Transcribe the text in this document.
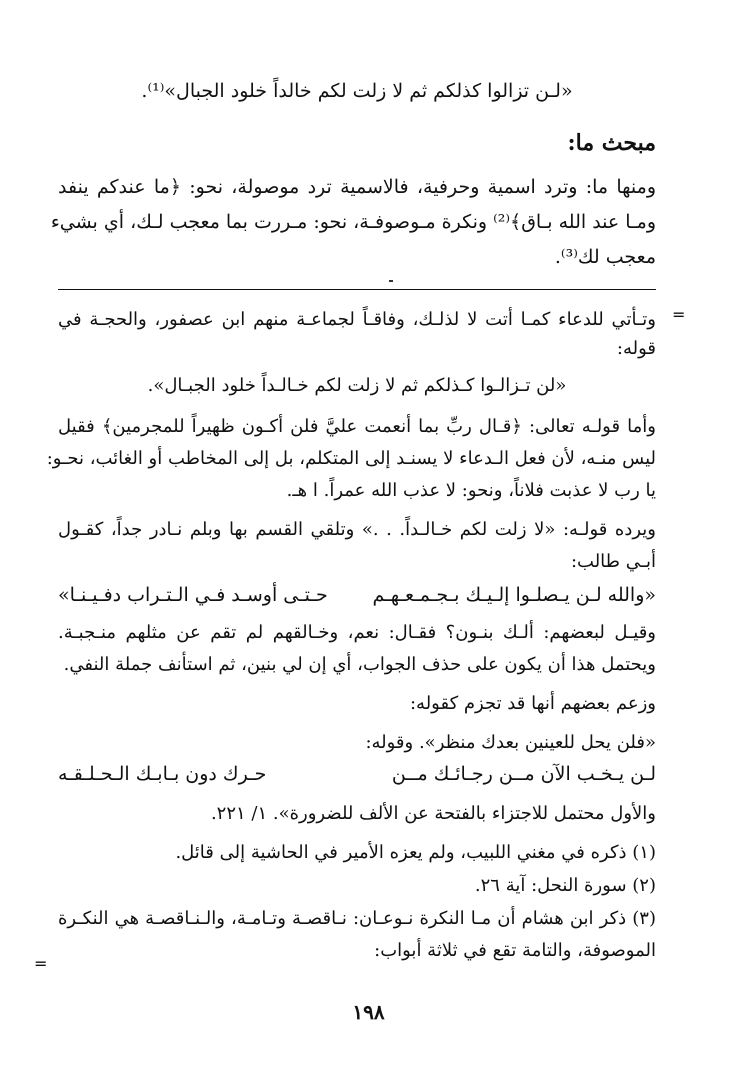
«لـن تزالوا كذلكم ثم لا زلت لكم خالداً خلود الجبال»⁽¹⁾.
مبحث ما:
ومنها ما: وترد اسمية وحرفية، فالاسمية ترد موصولة، نحو: ﴿ما عندكم ينفد
ومـا عند الله بـاق﴾⁽²⁾ ونكرة مـوصوفـة، نحو: مـررت بما معجب لـك، أي بشيء
معجب لك⁽³⁾.
=
=
وتـأتي للدعاء كمـا أتت لا لذلـك، وفاقـاً لجماعـة منهم ابن عصفور، والحجـة في
قوله:
«لن تـزالـوا كـذلكم ثم لا زلت لكم خـالـداً خلود الجبـال».
وأما قولـه تعالى: ﴿قـال ربِّ بما أنعمت عليَّ فلن أكـون ظهيراً للمجرمين﴾ فقيل
ليس منـه، لأن فعل الـدعاء لا يسنـد إلى المتكلم، بل إلى المخاطب أو الغائب، نحـو:
يا رب لا عذبت فلاناً، ونحو: لا عذب الله عمراً. ا هـ.
ويرده قولـه: «لا زلت لكم خـالـداً. . .» وتلقي القسم بها وبلم نـادر جداً، كقـول
أبـي طالب:
«والله لـن يـصلـوا إلـيـك بـجـمـعـهـم
حـتـى أوسـد فـي الـتـراب دفـيـنـا»
وقيـل لبعضهم: ألـك بنـون؟ فقـال: نعم، وخـالقهم لم تقم عن مثلهم منـجبـة.
ويحتمل هذا أن يكون على حذف الجواب، أي إن لي بنين، ثم استأنف جملة النفي.
وزعم بعضهم أنها قد تجزم كقوله:
«فلن يحل للعينين بعدك منظر». وقوله:
لـن يـخـب الآن مــن رجـائـك مــن
حـرك دون بـابـك الـحـلـقـه
والأول محتمل للاجتزاء بالفتحة عن الألف للضرورة». ١/ ٢٢١.
(١) ذكره في مغني اللبيب، ولم يعزه الأمير في الحاشية إلى قائل.
(٢) سورة النحل: آية ٢٦.
(٣) ذكر ابن هشام أن مـا النكرة نـوعـان: نـاقصـة وتـامـة، والـنـاقصـة هي النكـرة
الموصوفة، والتامة تقع في ثلاثة أبواب:
١٩٨
